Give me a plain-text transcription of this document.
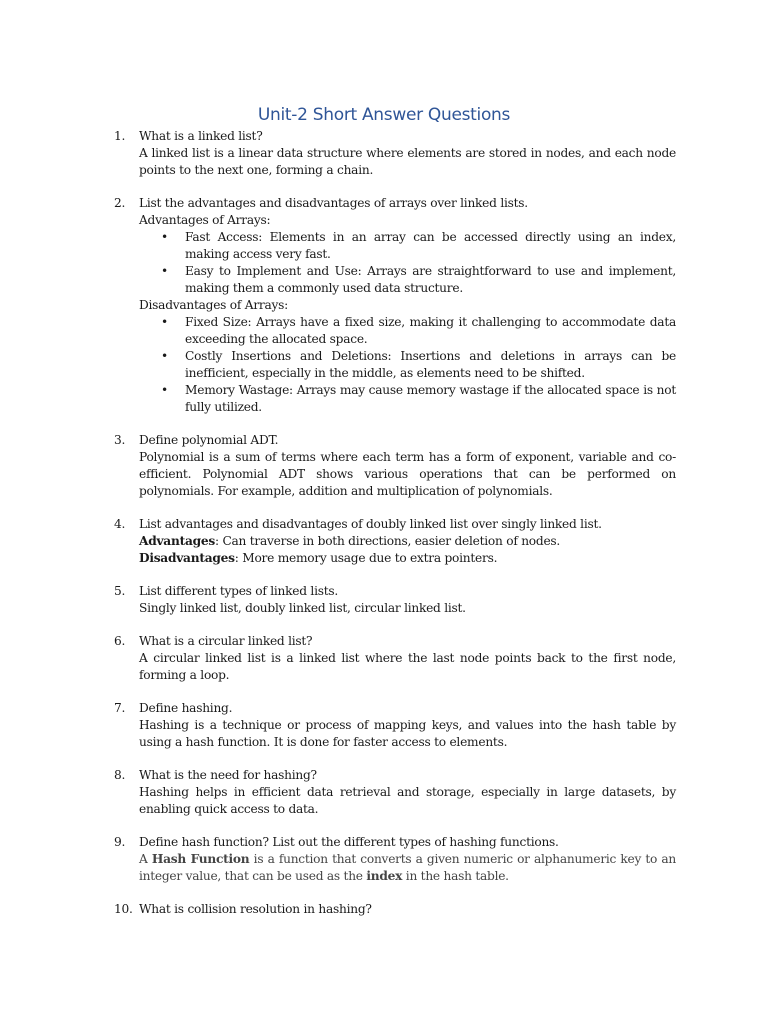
Unit-2 Short Answer Questions
1.	What is a linked list?
A linked list is a linear data structure where elements are stored in nodes, and each node points to the next one, forming a chain.
2.	List the advantages and disadvantages of arrays over linked lists.
Advantages of Arrays:
• Fast Access: Elements in an array can be accessed directly using an index, making access very fast.
• Easy to Implement and Use: Arrays are straightforward to use and implement, making them a commonly used data structure.
Disadvantages of Arrays:
• Fixed Size: Arrays have a fixed size, making it challenging to accommodate data exceeding the allocated space.
• Costly Insertions and Deletions: Insertions and deletions in arrays can be inefficient, especially in the middle, as elements need to be shifted.
• Memory Wastage: Arrays may cause memory wastage if the allocated space is not fully utilized.
3.	Define polynomial ADT.
Polynomial is a sum of terms where each term has a form of exponent, variable and co-efficient. Polynomial ADT shows various operations that can be performed on polynomials. For example, addition and multiplication of polynomials.
4.	List advantages and disadvantages of doubly linked list over singly linked list.
Advantages: Can traverse in both directions, easier deletion of nodes.
Disadvantages: More memory usage due to extra pointers.
5.	List different types of linked lists.
Singly linked list, doubly linked list, circular linked list.
6.	What is a circular linked list?
A circular linked list is a linked list where the last node points back to the first node, forming a loop.
7.	Define hashing.
Hashing is a technique or process of mapping keys, and values into the hash table by using a hash function. It is done for faster access to elements.
8.	What is the need for hashing?
Hashing helps in efficient data retrieval and storage, especially in large datasets, by enabling quick access to data.
9.	Define hash function? List out the different types of hashing functions.
A Hash Function is a function that converts a given numeric or alphanumeric key to an integer value, that can be used as the index in the hash table.
10. What is collision resolution in hashing?
